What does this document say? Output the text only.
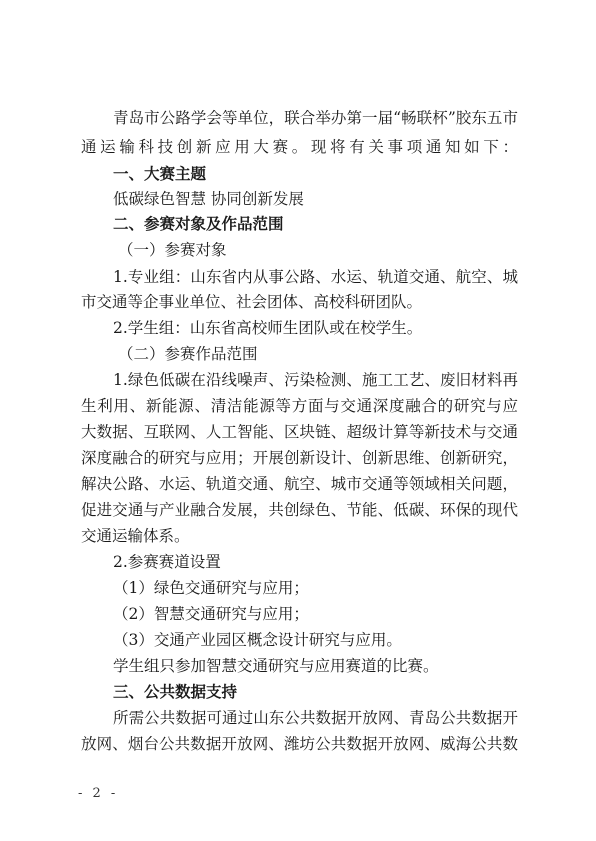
青岛市公路学会等单位，联合举办第一届“畅联杯”胶东五市
通运输科技创新应用大赛。现将有关事项通知如下：
一、大赛主题
低碳绿色智慧 协同创新发展
二、参赛对象及作品范围
（一）参赛对象
1.专业组：山东省内从事公路、水运、轨道交通、航空、城
市交通等企事业单位、社会团体、高校科研团队。
2.学生组：山东省高校师生团队或在校学生。
（二）参赛作品范围
1.绿色低碳在沿线噪声、污染检测、施工工艺、废旧材料再
生利用、新能源、清洁能源等方面与交通深度融合的研究与应
大数据、互联网、人工智能、区块链、超级计算等新技术与交通
深度融合的研究与应用；开展创新设计、创新思维、创新研究，
解决公路、水运、轨道交通、航空、城市交通等领域相关问题，
促进交通与产业融合发展，共创绿色、节能、低碳、环保的现代
交通运输体系。
2.参赛赛道设置
（1）绿色交通研究与应用；
（2）智慧交通研究与应用；
（3）交通产业园区概念设计研究与应用。
学生组只参加智慧交通研究与应用赛道的比赛。
三、公共数据支持
所需公共数据可通过山东公共数据开放网、青岛公共数据开
放网、烟台公共数据开放网、潍坊公共数据开放网、威海公共数
- 2 -
